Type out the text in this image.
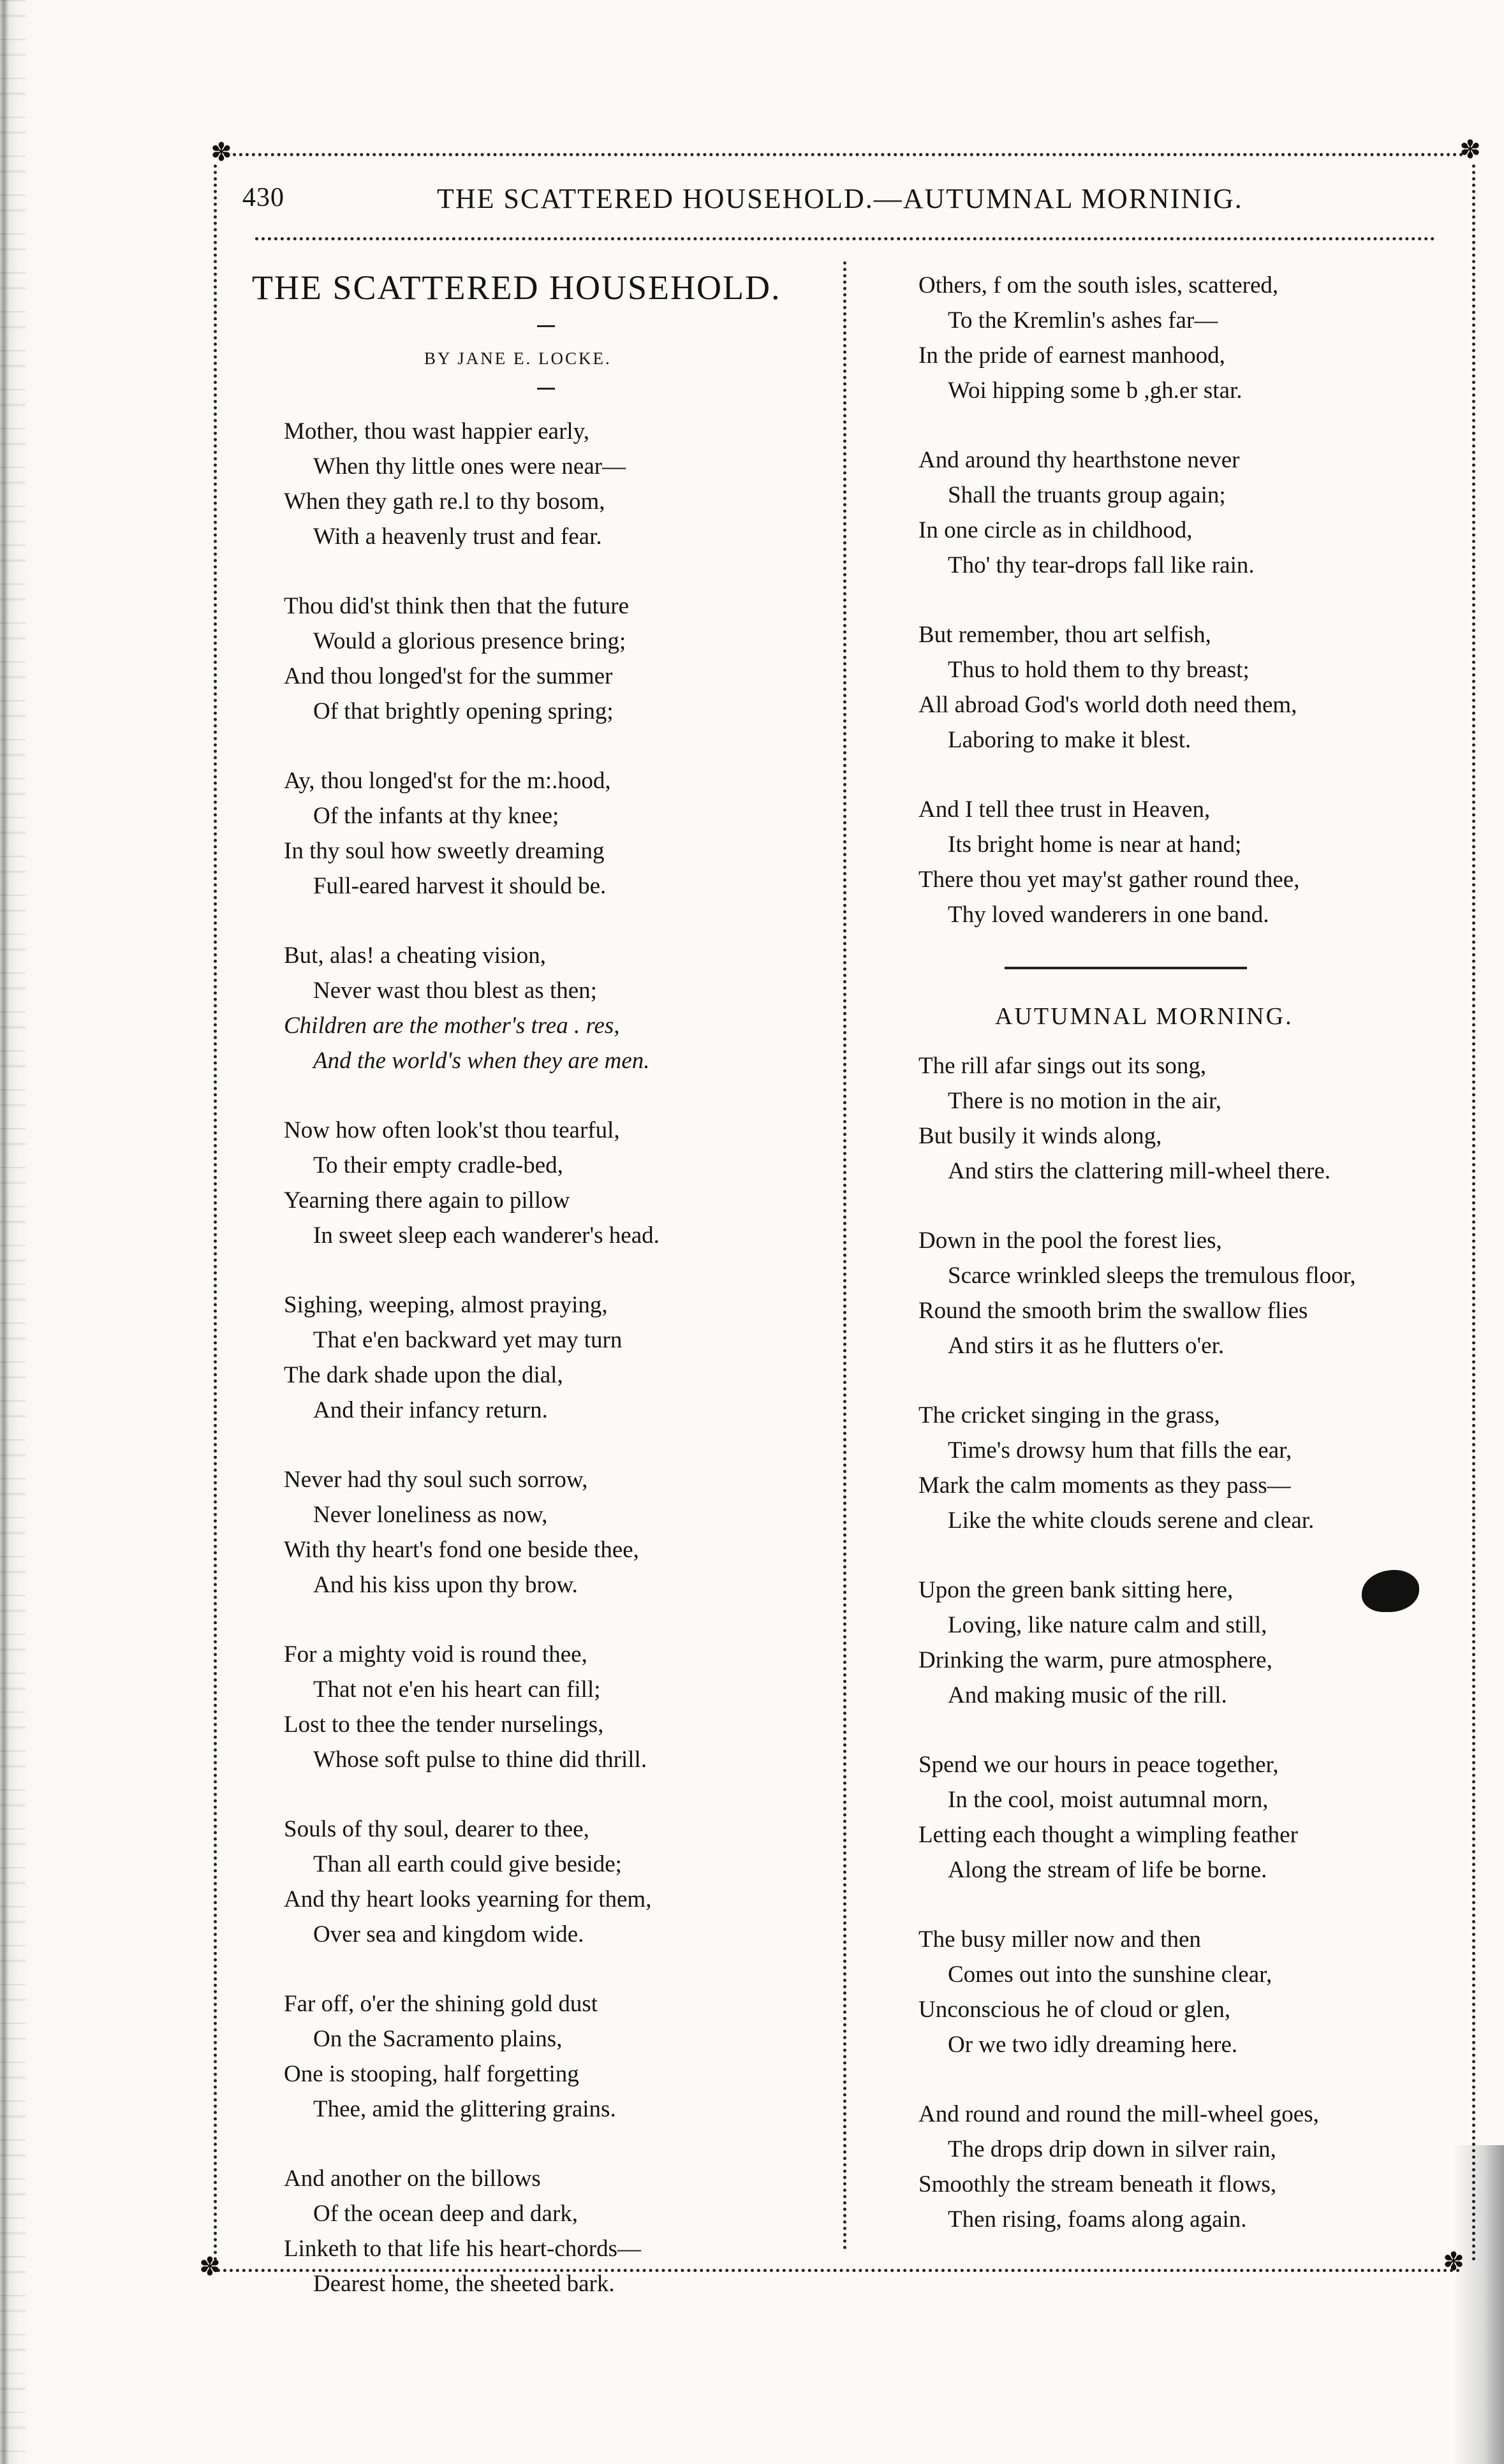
✽	✽
✽	✽
430	THE SCATTERED HOUSEHOLD.—AUTUMNAL MORNINIG.
THE SCATTERED HOUSEHOLD.
BY JANE E. LOCKE.
Mother, thou wast happier early,
When thy little ones were near—
When they gath re.l to thy bosom,
With a heavenly trust and fear.
Thou did'st think then that the future
Would a glorious presence bring;
And thou longed'st for the summer
Of that brightly opening spring;
Ay, thou longed'st for the m:.hood,
Of the infants at thy knee;
In thy soul how sweetly dreaming
Full-eared harvest it should be.
But, alas! a cheating vision,
Never wast thou blest as then;
Children are the mother's trea . res,
And the world's when they are men.
Now how often look'st thou tearful,
To their empty cradle-bed,
Yearning there again to pillow
In sweet sleep each wanderer's head.
Sighing, weeping, almost praying,
That e'en backward yet may turn
The dark shade upon the dial,
And their infancy return.
Never had thy soul such sorrow,
Never loneliness as now,
With thy heart's fond one beside thee,
And his kiss upon thy brow.
For a mighty void is round thee,
That not e'en his heart can fill;
Lost to thee the tender nurselings,
Whose soft pulse to thine did thrill.
Souls of thy soul, dearer to thee,
Than all earth could give beside;
And thy heart looks yearning for them,
Over sea and kingdom wide.
Far off, o'er the shining gold dust
On the Sacramento plains,
One is stooping, half forgetting
Thee, amid the glittering grains.
And another on the billows
Of the ocean deep and dark,
Linketh to that life his heart-chords—
Dearest home, the sheeted bark.
Others, f om the south isles, scattered,
To the Kremlin's ashes far—
In the pride of earnest manhood,
Woi hipping some b ,gh.er star.
And around thy hearthstone never
Shall the truants group again;
In one circle as in childhood,
Tho' thy tear-drops fall like rain.
But remember, thou art selfish,
Thus to hold them to thy breast;
All abroad God's world doth need them,
Laboring to make it blest.
And I tell thee trust in Heaven,
Its bright home is near at hand;
There thou yet may'st gather round thee,
Thy loved wanderers in one band.
AUTUMNAL MORNING.
The rill afar sings out its song,
There is no motion in the air,
But busily it winds along,
And stirs the clattering mill-wheel there.
Down in the pool the forest lies,
Scarce wrinkled sleeps the tremulous floor,
Round the smooth brim the swallow flies
And stirs it as he flutters o'er.
The cricket singing in the grass,
Time's drowsy hum that fills the ear,
Mark the calm moments as they pass—
Like the white clouds serene and clear.
Upon the green bank sitting here,
Loving, like nature calm and still,
Drinking the warm, pure atmosphere,
And making music of the rill.
Spend we our hours in peace together,
In the cool, moist autumnal morn,
Letting each thought a wimpling feather
Along the stream of life be borne.
The busy miller now and then
Comes out into the sunshine clear,
Unconscious he of cloud or glen,
Or we two idly dreaming here.
And round and round the mill-wheel goes,
The drops drip down in silver rain,
Smoothly the stream beneath it flows,
Then rising, foams along again.
